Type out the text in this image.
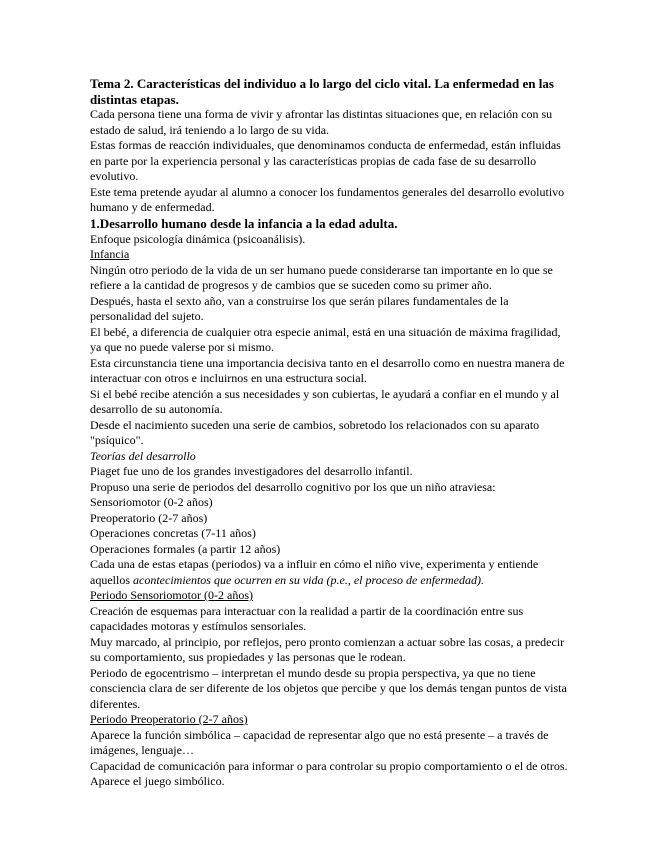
Tema 2. Características del individuo a lo largo del ciclo vital. La enfermedad en las distintas etapas.

Cada persona tiene una forma de vivir y afrontar las distintas situaciones que, en relación con su estado de salud, irá teniendo a lo largo de su vida.

Estas formas de reacción individuales, que denominamos conducta de enfermedad, están influidas en parte por la experiencia personal y las características propias de cada fase de su desarrollo evolutivo.

Este tema pretende ayudar al alumno a conocer los fundamentos generales del desarrollo evolutivo humano y de enfermedad.

1.Desarrollo humano desde la infancia a la edad adulta.

Enfoque psicología dinámica (psicoanálisis).

Infancia

Ningún otro periodo de la vida de un ser humano puede considerarse tan importante en lo que se refiere a la cantidad de progresos y de cambios que se suceden como su primer año.

Después, hasta el sexto año, van a construirse los que serán pilares fundamentales de la personalidad del sujeto.

El bebé, a diferencia de cualquier otra especie animal, está en una situación de máxima fragilidad, ya que no puede valerse por si mismo.

Esta circunstancia tiene una importancia decisiva tanto en el desarrollo como en nuestra manera de interactuar con otros e incluirnos en una estructura social.

Si el bebé recibe atención a sus necesidades y son cubiertas, le ayudará a confiar en el mundo y al desarrollo de su autonomía.

Desde el nacimiento suceden una serie de cambios, sobretodo los relacionados con su aparato "psíquico".

Teorías del desarrollo

Piaget fue uno de los grandes investigadores del desarrollo infantil.

Propuso una serie de periodos del desarrollo cognitivo por los que un niño atraviesa:

Sensoriomotor (0-2 años)

Preoperatorio (2-7 años)

Operaciones concretas (7-11 años)

Operaciones formales (a partir 12 años)

Cada una de estas etapas (periodos) va a influir en cómo el niño vive, experimenta y entiende aquellos acontecimientos que ocurren en su vida (p.e., el proceso de enfermedad).

Periodo Sensoriomotor (0-2 años)

Creación de esquemas para interactuar con la realidad a partir de la coordinación entre sus capacidades motoras y estímulos sensoriales.

Muy marcado, al principio, por reflejos, pero pronto comienzan a actuar sobre las cosas, a predecir su comportamiento, sus propiedades y las personas que le rodean.

Periodo de egocentrismo – interpretan el mundo desde su propia perspectiva, ya que no tiene consciencia clara de ser diferente de los objetos que percibe y que los demás tengan puntos de vista diferentes.

Periodo Preoperatorio (2-7 años)

Aparece la función simbólica – capacidad de representar algo que no está presente – a través de imágenes, lenguaje…

Capacidad de comunicación para informar o para controlar su propio comportamiento o el de otros.

Aparece el juego simbólico.
